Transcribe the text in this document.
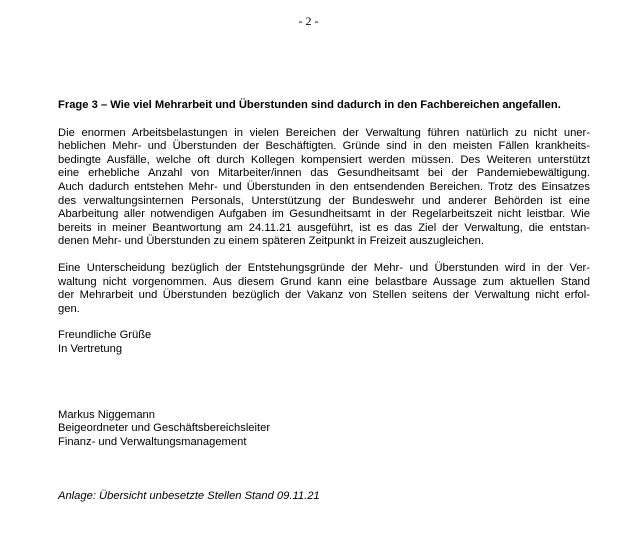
- 2 -
Frage 3 – Wie viel Mehrarbeit und Überstunden sind dadurch in den Fachbereichen angefallen.
Die enormen Arbeitsbelastungen in vielen Bereichen der Verwaltung führen natürlich zu nicht uner-
heblichen Mehr- und Überstunden der Beschäftigten. Gründe sind in den meisten Fällen krankheits-
bedingte Ausfälle, welche oft durch Kollegen kompensiert werden müssen. Des Weiteren unterstützt
eine erhebliche Anzahl von Mitarbeiter/innen das Gesundheitsamt bei der Pandemiebewältigung.
Auch dadurch entstehen Mehr- und Überstunden in den entsendenden Bereichen. Trotz des Einsatzes
des verwaltungsinternen Personals, Unterstützung der Bundeswehr und anderer Behörden ist eine
Abarbeitung aller notwendigen Aufgaben im Gesundheitsamt in der Regelarbeitszeit nicht leistbar. Wie
bereits in meiner Beantwortung am 24.11.21 ausgeführt, ist es das Ziel der Verwaltung, die entstan-
denen Mehr- und Überstunden zu einem späteren Zeitpunkt in Freizeit auszugleichen.
Eine Unterscheidung bezüglich der Entstehungsgründe der Mehr- und Überstunden wird in der Ver-
waltung nicht vorgenommen. Aus diesem Grund kann eine belastbare Aussage zum aktuellen Stand
der Mehrarbeit und Überstunden bezüglich der Vakanz von Stellen seitens der Verwaltung nicht erfol-
gen.
Freundliche Grüße
In Vertretung
Markus Niggemann
Beigeordneter und Geschäftsbereichsleiter
Finanz- und Verwaltungsmanagement
Anlage: Übersicht unbesetzte Stellen Stand 09.11.21
